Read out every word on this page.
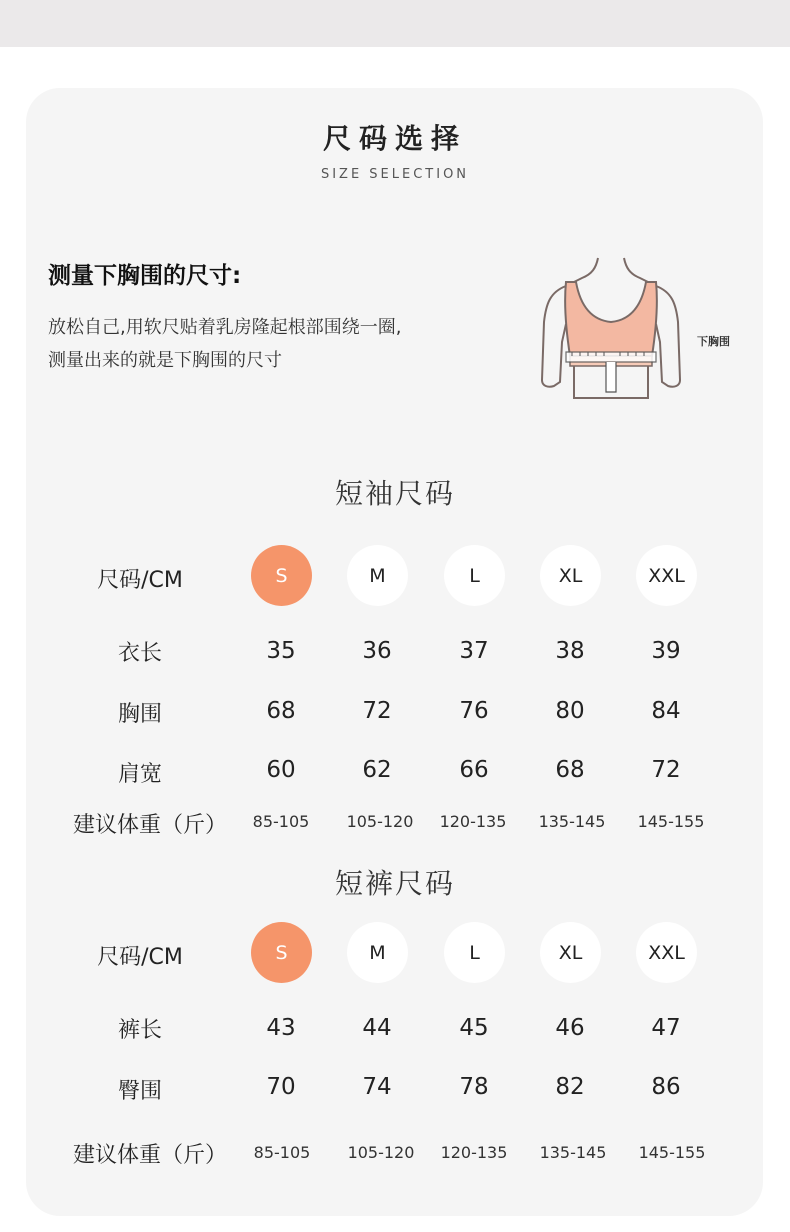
尺码选择
SIZE SELECTION
测量下胸围的尺寸:
放松自己,用软尺贴着乳房隆起根部围绕一圈,
测量出来的就是下胸围的尺寸
下胸围
短袖尺码
尺码/CM	S	M	L	XL	XXL
衣长	35	36	37	38	39
胸围	68	72	76	80	84
肩宽	60	62	66	68	72
建议体重（斤）	85-105	105-120	120-135	135-145	145-155
短裤尺码
尺码/CM	S	M	L	XL	XXL
裤长	43	44	45	46	47
臀围	70	74	78	82	86
建议体重（斤）	85-105	105-120	120-135	135-145	145-155
